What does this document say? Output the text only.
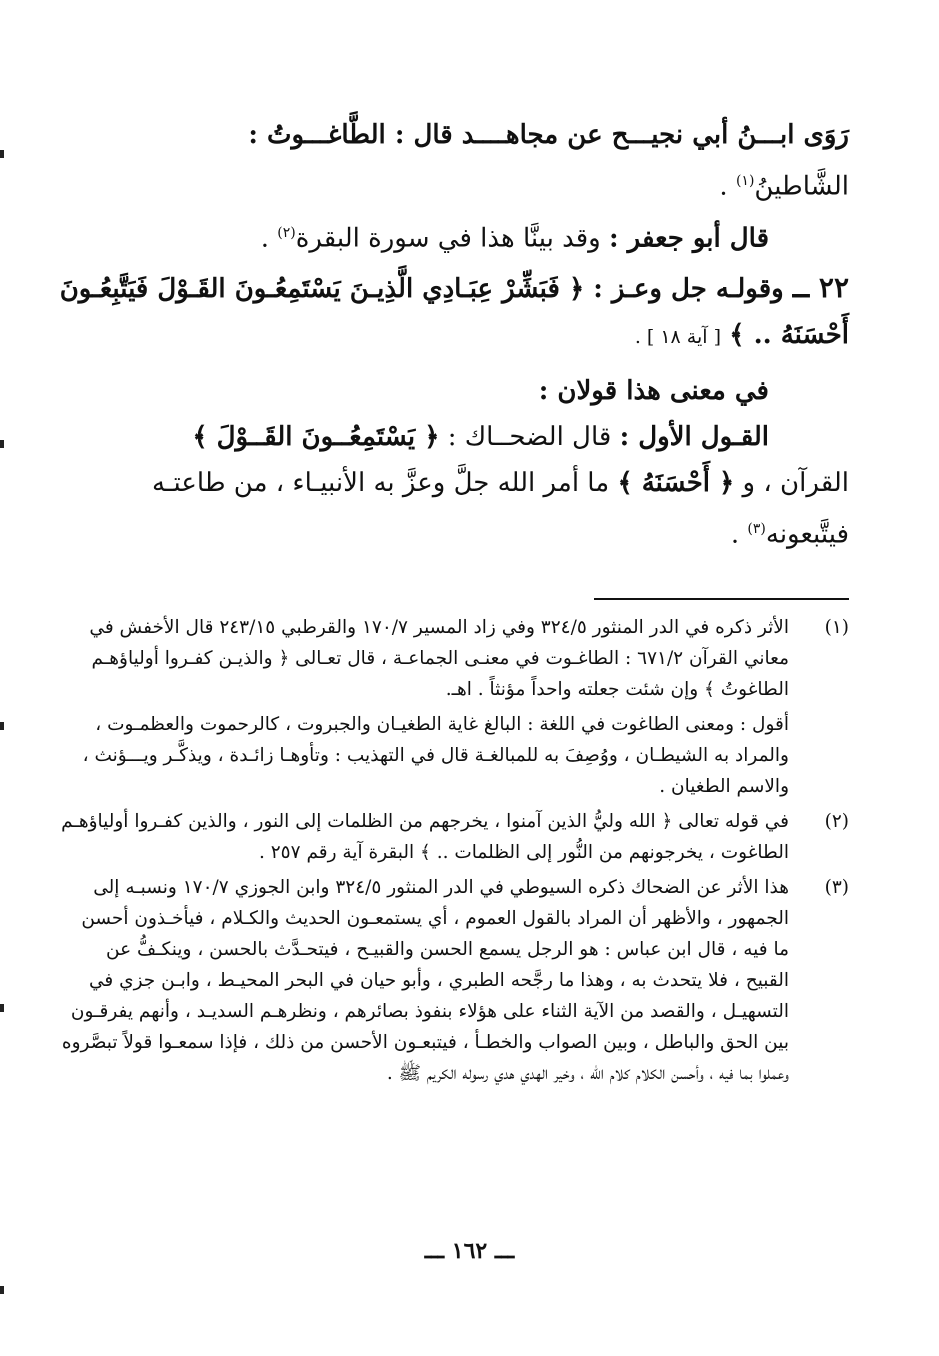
رَوَى ابـــنُ أبي نجيـــح عن مجاهــــد قال : الطَّاغـــوتُ :
الشَّاطينُ$^{(١)}$ .
قال أبو جعفر : وقد بينَّا هذا في سورة البقرة$^{(٢)}$ .
٢٢ ــ وقولـه جل وعـز : ﴿ فَبَشِّرْ عِبَـادِي الَّذِيـنَ يَسْتَمِعُـونَ القَـوْلَ فَيَتَّبِعُـونَ
أَحْسَنَهُ .. ﴾ [ آية ١٨ ] .
في معنى هذا قولان :
القـول الأول : قال الضحــاك : ﴿ يَسْتَمِعُــونَ القَــوْلَ ﴾
القرآن ، و ﴿ أَحْسَنَهُ ﴾ ما أمر الله جلَّ وعزَّ به الأنبيـاء ، من طاعتـه
فيتَّبعونه$^{(٣)}$ .
(١)
الأثر ذكره في الدر المنثور ٣٢٤/٥ وفي زاد المسير ١٧٠/٧ والقرطبي ٢٤٣/١٥ قال الأخفش في
معاني القرآن ٦٧١/٢ : الطاغـوت في معنـى الجماعـة ، قال تعـالى ﴿ والذيـن كفـروا أولياؤهـم
الطاغوتُ ﴾ وإن شئت جعلته واحداً مؤنثاً . اهـ.
أقول : ومعنى الطاغوت في اللغة : البالغ غاية الطغيـان والجبروت ، كالرحموت والعظمـوت ،
والمراد به الشيطـان ، ووُصِفَ به للمبالغـة قال في التهذيب : وتأوهـا زائـدة ، ويذكَّـر ويـــؤنث ،
والاسم الطغيان .
(٢)
في قوله تعالى ﴿ الله وليُّ الذين آمنوا ، يخرجهم من الظلمات إلى النور ، والذين كفـروا أولياؤهـم
الطاغوت ، يخرجونهم من النُّور إلى الظلمات .. ﴾ البقرة آية رقم ٢٥٧ .
(٣)
هذا الأثر عن الضحاك ذكره السيوطي في الدر المنثور ٣٢٤/٥ وابن الجوزي ١٧٠/٧ ونسبـه إلى
الجمهور ، والأظهر أن المراد بالقول العموم ، أي يستمعـون الحديث والكـلام ، فيأخـذون أحسن
ما فيه ، قال ابن عباس : هو الرجل يسمع الحسن والقبيـح ، فيتحـدَّث بالحسن ، وينكـفُّ عن
القبيح ، فلا يتحدث به ، وهذا ما رجَّحه الطبري ، وأبو حيان في البحر المحيـط ، وابـن جزي في
التسهيـل ، والقصد من الآية الثناء على هؤلاء بنفوذ بصائرهم ، ونظرهـم السديـد ، وأنهم يفرقـون
بين الحق والباطل ، وبين الصواب والخطـأ ، فيتبعـون الأحسن من ذلك ، فإذا سمعـوا قولاً تبصَّروه
وعملوا بما فيه ، وأحسن الكلام كلام الله ، وخير الهدي هدي رسوله الكريم ﷺ .
ـــ ١٦٢ ـــ
